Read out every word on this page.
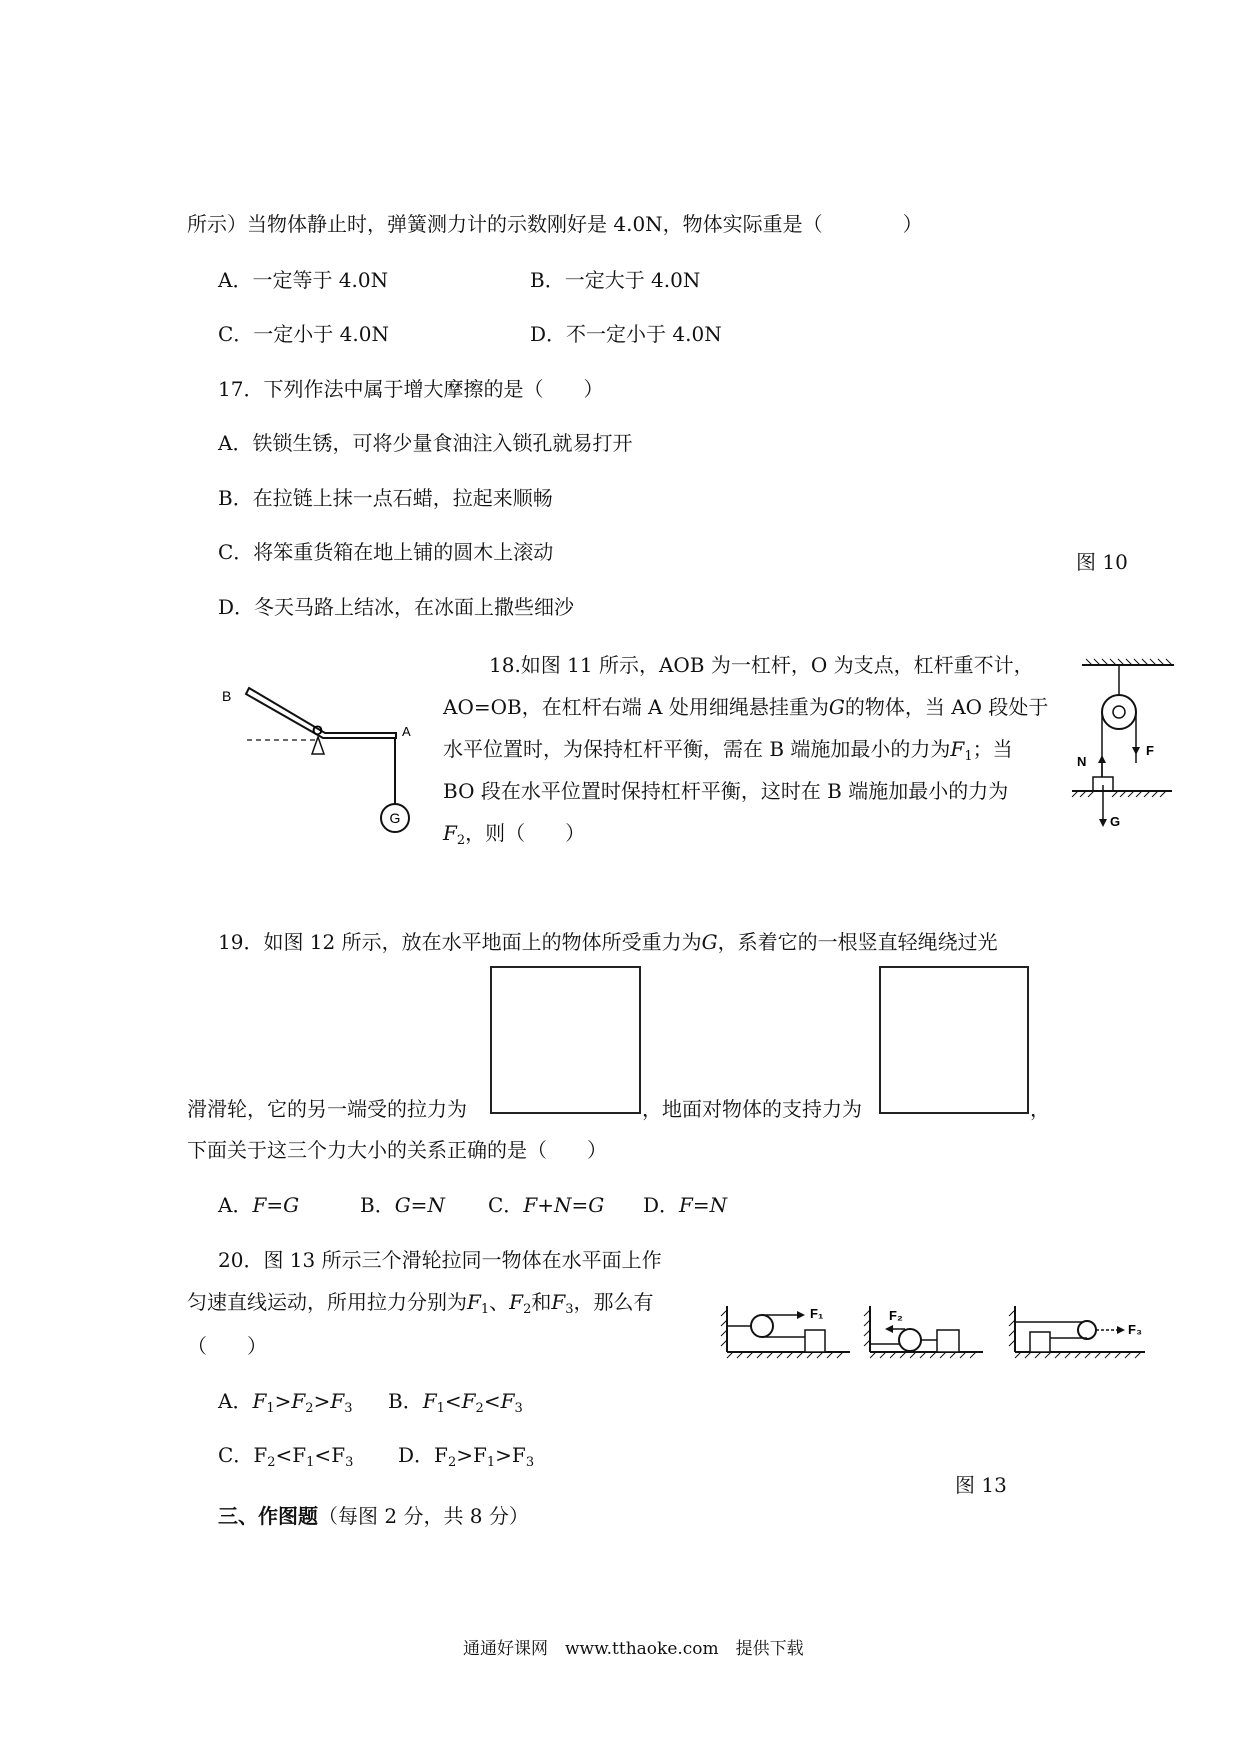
所示）当物体静止时，弹簧测力计的示数刚好是 4.0N，物体实际重是（　　　　）
A．一定等于 4.0N	B．一定大于 4.0N
C．一定小于 4.0N	D．不一定小于 4.0N
17．下列作法中属于增大摩擦的是（　　）
A．铁锁生锈，可将少量食油注入锁孔就易打开
B．在拉链上抹一点石蜡，拉起来顺畅
C．将笨重货箱在地上铺的圆木上滚动
D．冬天马路上结冰，在冰面上撒些细沙
图 10
B
O	A
G
18.如图 11 所示，AOB 为一杠杆，O 为支点，杠杆重不计，
AO=OB，在杠杆右端 A 处用细绳悬挂重为G的物体，当 AO 段处于
水平位置时，为保持杠杆平衡，需在 B 端施加最小的力为$F_1$；当
BO 段在水平位置时保持杠杆平衡，这时在 B 端施加最小的力为
$F_2$，则（　　）
F
N
G
19．如图 12 所示，放在水平地面上的物体所受重力为G，系着它的一根竖直轻绳绕过光
滑滑轮，它的另一端受的拉力为	，地面对物体的支持力为	，
下面关于这三个力大小的关系正确的是（　　）
A．F=G	B．G=N C．F+N=G D．F=N
20．图 13 所示三个滑轮拉同一物体在水平面上作
匀速直线运动，所用拉力分别为$F_1$、$F_2$和$F_3$，那么有
（　　）
A．$F_1>F_2>F_3$ B．$F_1<F_2<F_3$
C．$F_2<F_1<F_3$ D．$F_2>F_1>F_3$
F₁	F₂
F₃
图 13
三、作图题（每图 2 分，共 8 分）
通通好课网　www.tthaoke.com　提供下载
